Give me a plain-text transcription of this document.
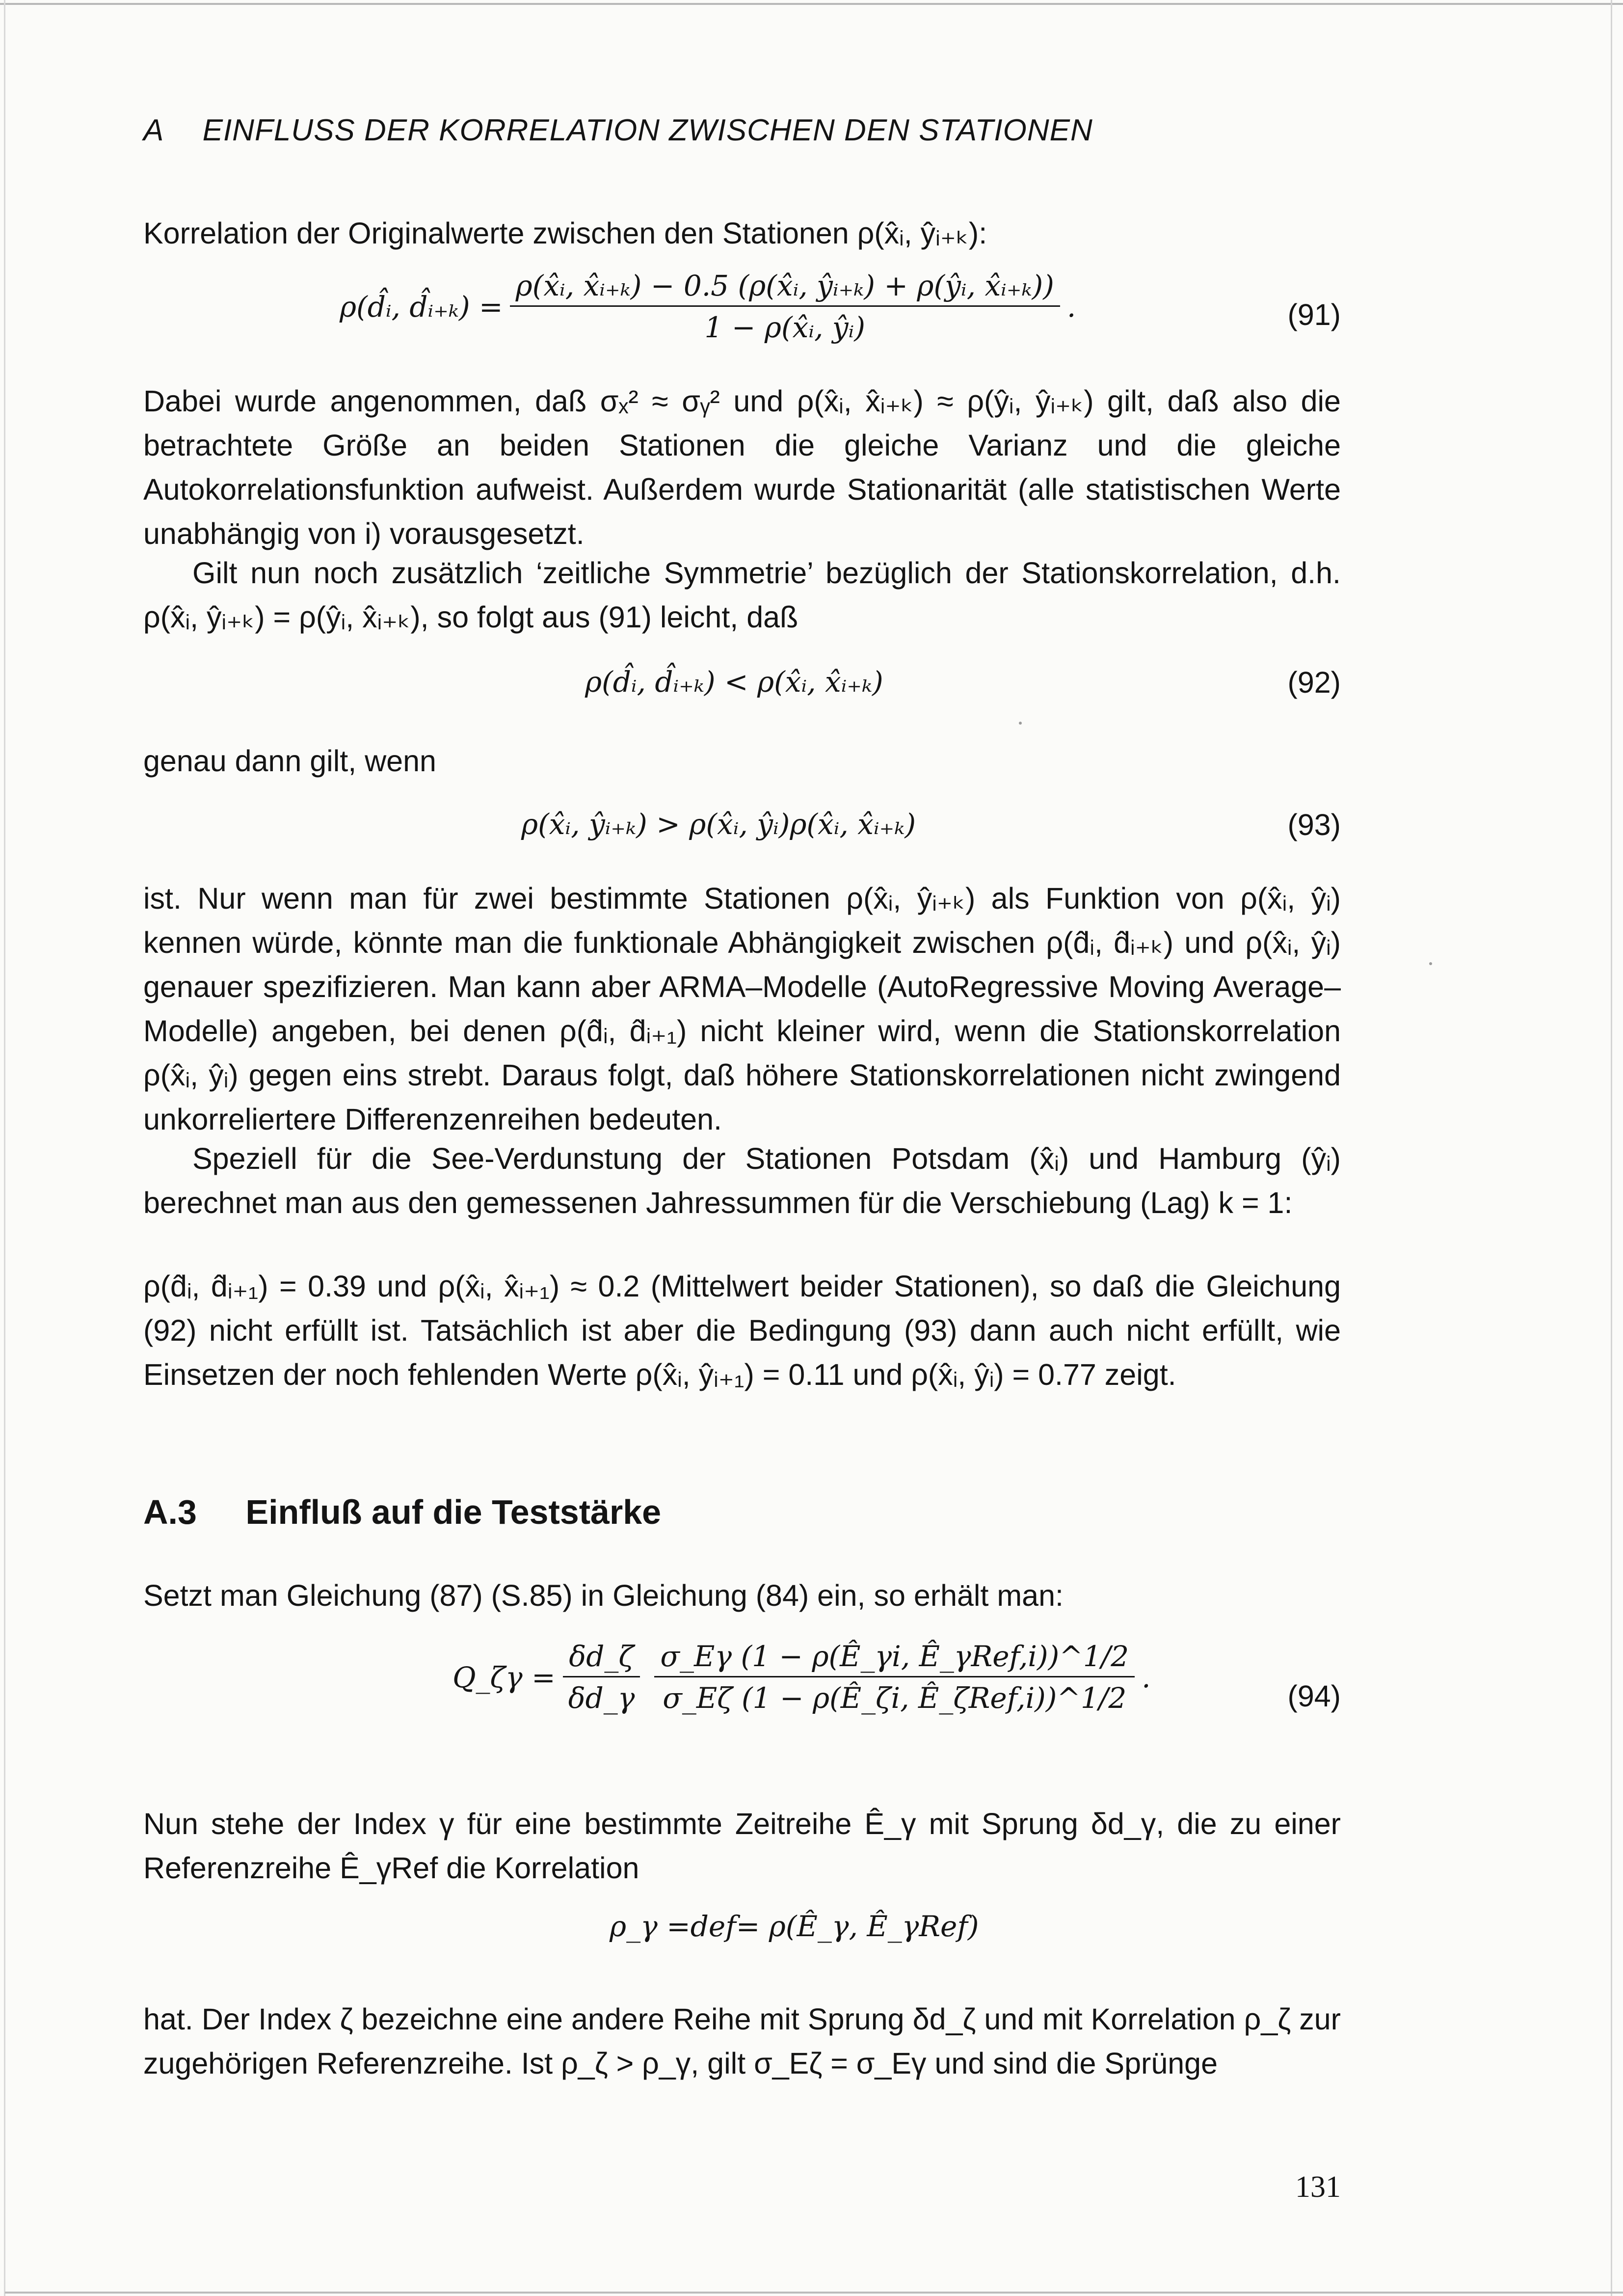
A EINFLUSS DER KORRELATION ZWISCHEN DEN STATIONEN
Korrelation der Originalwerte zwischen den Stationen ρ(x̂ᵢ, ŷᵢ₊ₖ):
ρ(d̂ᵢ, d̂ᵢ₊ₖ) = $\frac{\text{ρ(x̂ᵢ, x̂ᵢ₊ₖ) − 0.5 (ρ(x̂ᵢ, ŷᵢ₊ₖ) + ρ(ŷᵢ, x̂ᵢ₊ₖ))}}{\text{1 − ρ(x̂ᵢ, ŷᵢ)}}$ .	(91)
Dabei wurde angenommen, daß σₓ² ≈ σᵧ² und ρ(x̂ᵢ, x̂ᵢ₊ₖ) ≈ ρ(ŷᵢ, ŷᵢ₊ₖ) gilt, daß also die betrachtete Größe an beiden Stationen die gleiche Varianz und die gleiche Autokorrelationsfunktion aufweist. Außerdem wurde Stationarität (alle statistischen Werte unabhängig von i) vorausgesetzt.
Gilt nun noch zusätzlich ‘zeitliche Symmetrie’ bezüglich der Stationskorrelation, d.h. ρ(x̂ᵢ, ŷᵢ₊ₖ) = ρ(ŷᵢ, x̂ᵢ₊ₖ), so folgt aus (91) leicht, daß
ρ(d̂ᵢ, d̂ᵢ₊ₖ) < ρ(x̂ᵢ, x̂ᵢ₊ₖ)	(92)
genau dann gilt, wenn
ρ(x̂ᵢ, ŷᵢ₊ₖ) > ρ(x̂ᵢ, ŷᵢ)ρ(x̂ᵢ, x̂ᵢ₊ₖ)	(93)
ist. Nur wenn man für zwei bestimmte Stationen ρ(x̂ᵢ, ŷᵢ₊ₖ) als Funktion von ρ(x̂ᵢ, ŷᵢ) kennen würde, könnte man die funktionale Abhängigkeit zwischen ρ(d̂ᵢ, d̂ᵢ₊ₖ) und ρ(x̂ᵢ, ŷᵢ) genauer spezifizieren. Man kann aber ARMA–Modelle (AutoRegressive Moving Average–Modelle) angeben, bei denen ρ(d̂ᵢ, d̂ᵢ₊₁) nicht kleiner wird, wenn die Stationskorrelation ρ(x̂ᵢ, ŷᵢ) gegen eins strebt. Daraus folgt, daß höhere Stationskorrelationen nicht zwingend unkorreliertere Differenzenreihen bedeuten.
Speziell für die See-Verdunstung der Stationen Potsdam (x̂ᵢ) und Hamburg (ŷᵢ) berechnet man aus den gemessenen Jahressummen für die Verschiebung (Lag) k = 1:
ρ(d̂ᵢ, d̂ᵢ₊₁) = 0.39 und ρ(x̂ᵢ, x̂ᵢ₊₁) ≈ 0.2 (Mittelwert beider Stationen), so daß die Gleichung (92) nicht erfüllt ist. Tatsächlich ist aber die Bedingung (93) dann auch nicht erfüllt, wie Einsetzen der noch fehlenden Werte ρ(x̂ᵢ, ŷᵢ₊₁) = 0.11 und ρ(x̂ᵢ, ŷᵢ) = 0.77 zeigt.
A.3 Einfluß auf die Teststärke
Setzt man Gleichung (87) (S.85) in Gleichung (84) ein, so erhält man:
Q_ζγ = $\frac{\delta d\_\zeta}{\delta d\_\gamma} \frac{\text{σ\_Eγ (1 − ρ(Ê\_γi, Ê\_γRef,i))\textasciicircum{}1/2}}{\text{σ\_Eζ (1 − ρ(Ê\_ζi, Ê\_ζRef,i))\textasciicircum{}1/2}}$ .
(94)
Nun stehe der Index γ für eine bestimmte Zeitreihe Ê_γ mit Sprung δd_γ, die zu einer Referenzreihe Ê_γRef die Korrelation
ρ_γ =def= ρ(Ê_γ, Ê_γRef)
hat. Der Index ζ bezeichne eine andere Reihe mit Sprung δd_ζ und mit Korrelation ρ_ζ zur zugehörigen Referenzreihe. Ist ρ_ζ > ρ_γ, gilt σ_Eζ = σ_Eγ und sind die Sprünge
131
